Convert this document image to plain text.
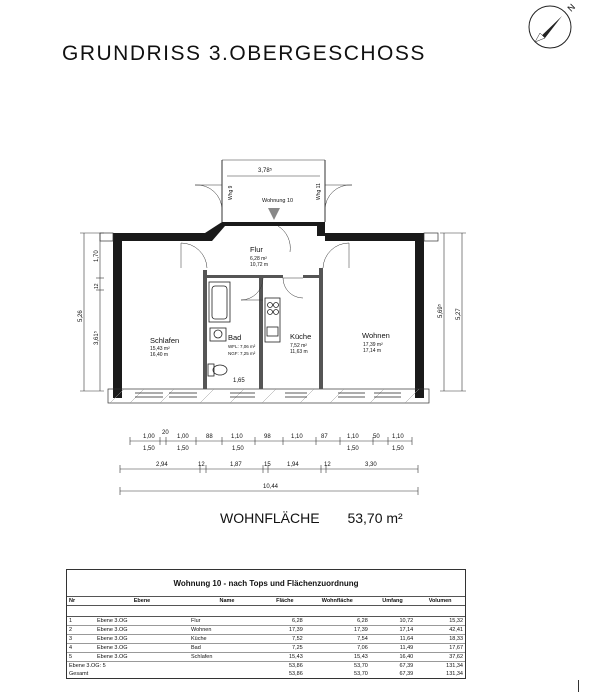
GRUNDRISS 3.OBERGESCHOSS
N
3,78⁵
Whg 9	Whg 11
Wohnung 10
Flur
6,28 m²
10,72 m
Schlafen
15,43 m²
16,40 m
Bad
WFL: 7,06 m²
NGF: 7,25 m²
Küche
7,52 m²
11,63 m
Wohnen
17,39 m²
17,14 m
1,65
5,26
1,70
12
3,61⁵
5,69⁵ 5,27
1,00
20
1,00	88	1,10	98	1,10	87	1,10 50 1,10
1,50	1,50	1,50	1,50	1,50
2,94	12	1,87	15	1,94	12	3,30
10,44
WOHNFLÄCHE 53,70 m²
Wohnung 10 - nach Tops und Flächenzuordnung
Nr	Ebene	Name	Fläche	Wohnfläche	Umfang	Volumen

1	Ebene 3.OG	Flur	6,28	6,28	10,72	15,32
2	Ebene 3.OG	Wohnen	17,39	17,39	17,14	42,41
3	Ebene 3.OG	Küche	7,52	7,54	11,64	18,33
4	Ebene 3.OG	Bad	7,25	7,06	11,49	17,67
5	Ebene 3.OG	Schlafen	15,43	15,43	16,40	37,62
Ebene 3.OG: 5			53,86	53,70	67,39	131,34
Gesamt			53,86	53,70	67,39	131,34
